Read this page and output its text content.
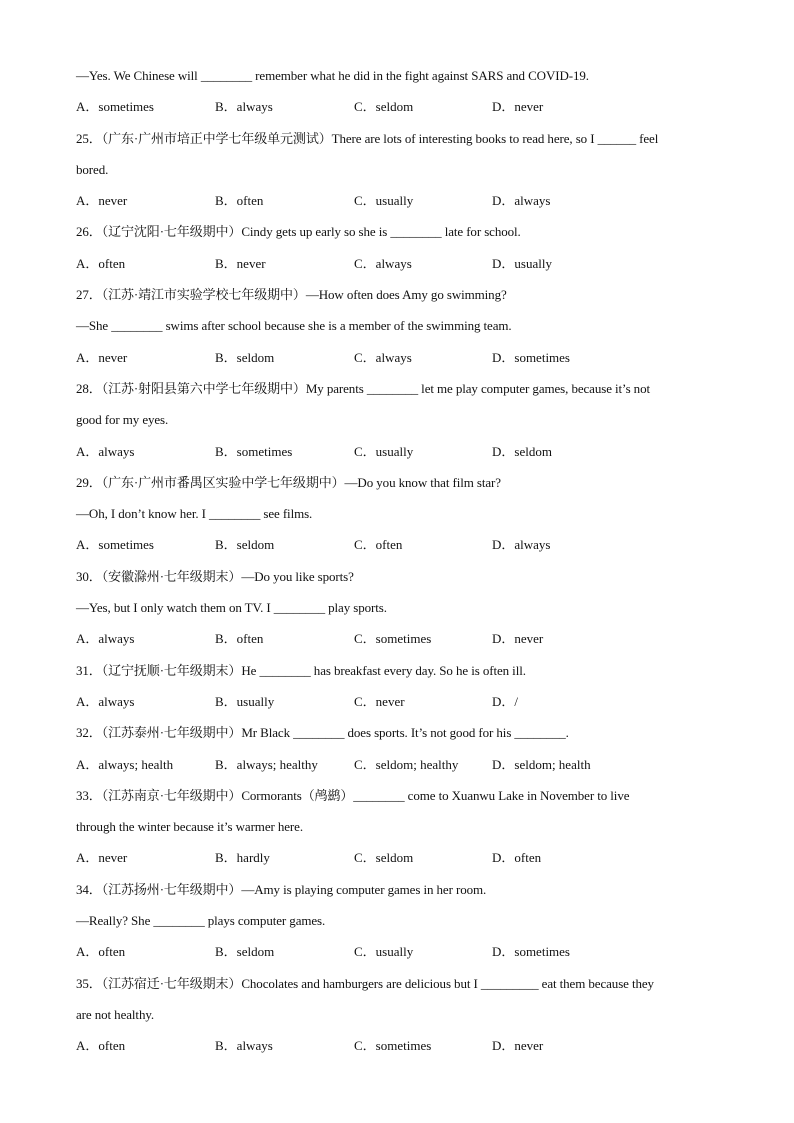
—Yes. We Chinese will ________ remember what he did in the fight against SARS and COVID-19.
A．sometimes	B．always	C．seldom	D．never
25．（广东·广州市培正中学七年级单元测试）There are lots of interesting books to read here, so I ______ feel
bored.
A．never	B．often	C．usually	D．always
26．（辽宁沈阳·七年级期中）Cindy gets up early so she is ________ late for school.
A．often	B．never	C．always	D．usually
27．（江苏·靖江市实验学校七年级期中）—How often does Amy go swimming?
—She ________ swims after school because she is a member of the swimming team.
A．never	B．seldom	C．always	D．sometimes
28．（江苏·射阳县第六中学七年级期中）My parents ________ let me play computer games, because it’s not
good for my eyes.
A．always	B．sometimes	C．usually	D．seldom
29．（广东·广州市番禺区实验中学七年级期中）—Do you know that film star?
—Oh, I don’t know her. I ________ see films.
A．sometimes	B．seldom	C．often	D．always
30．（安徽滁州·七年级期末）—Do you like sports?
—Yes, but I only watch them on TV. I ________ play sports.
A．always	B．often	C．sometimes	D．never
31．（辽宁抚顺·七年级期末）He ________ has breakfast every day. So he is often ill.
A．always	B．usually	C．never	D．/
32．（江苏泰州·七年级期中）Mr Black ________ does sports. It’s not good for his ________.
A．always; health	B．always; healthy	C．seldom; healthy	D．seldom; health
33．（江苏南京·七年级期中）Cormorants（鸬鹚）________ come to Xuanwu Lake in November to live
through the winter because it’s warmer here.
A．never	B．hardly	C．seldom	D．often
34．（江苏扬州·七年级期中）—Amy is playing computer games in her room.
—Really? She ________ plays computer games.
A．often	B．seldom	C．usually	D．sometimes
35．（江苏宿迁·七年级期末）Chocolates and hamburgers are delicious but I _________ eat them because they
are not healthy.
A．often	B．always	C．sometimes	D．never
